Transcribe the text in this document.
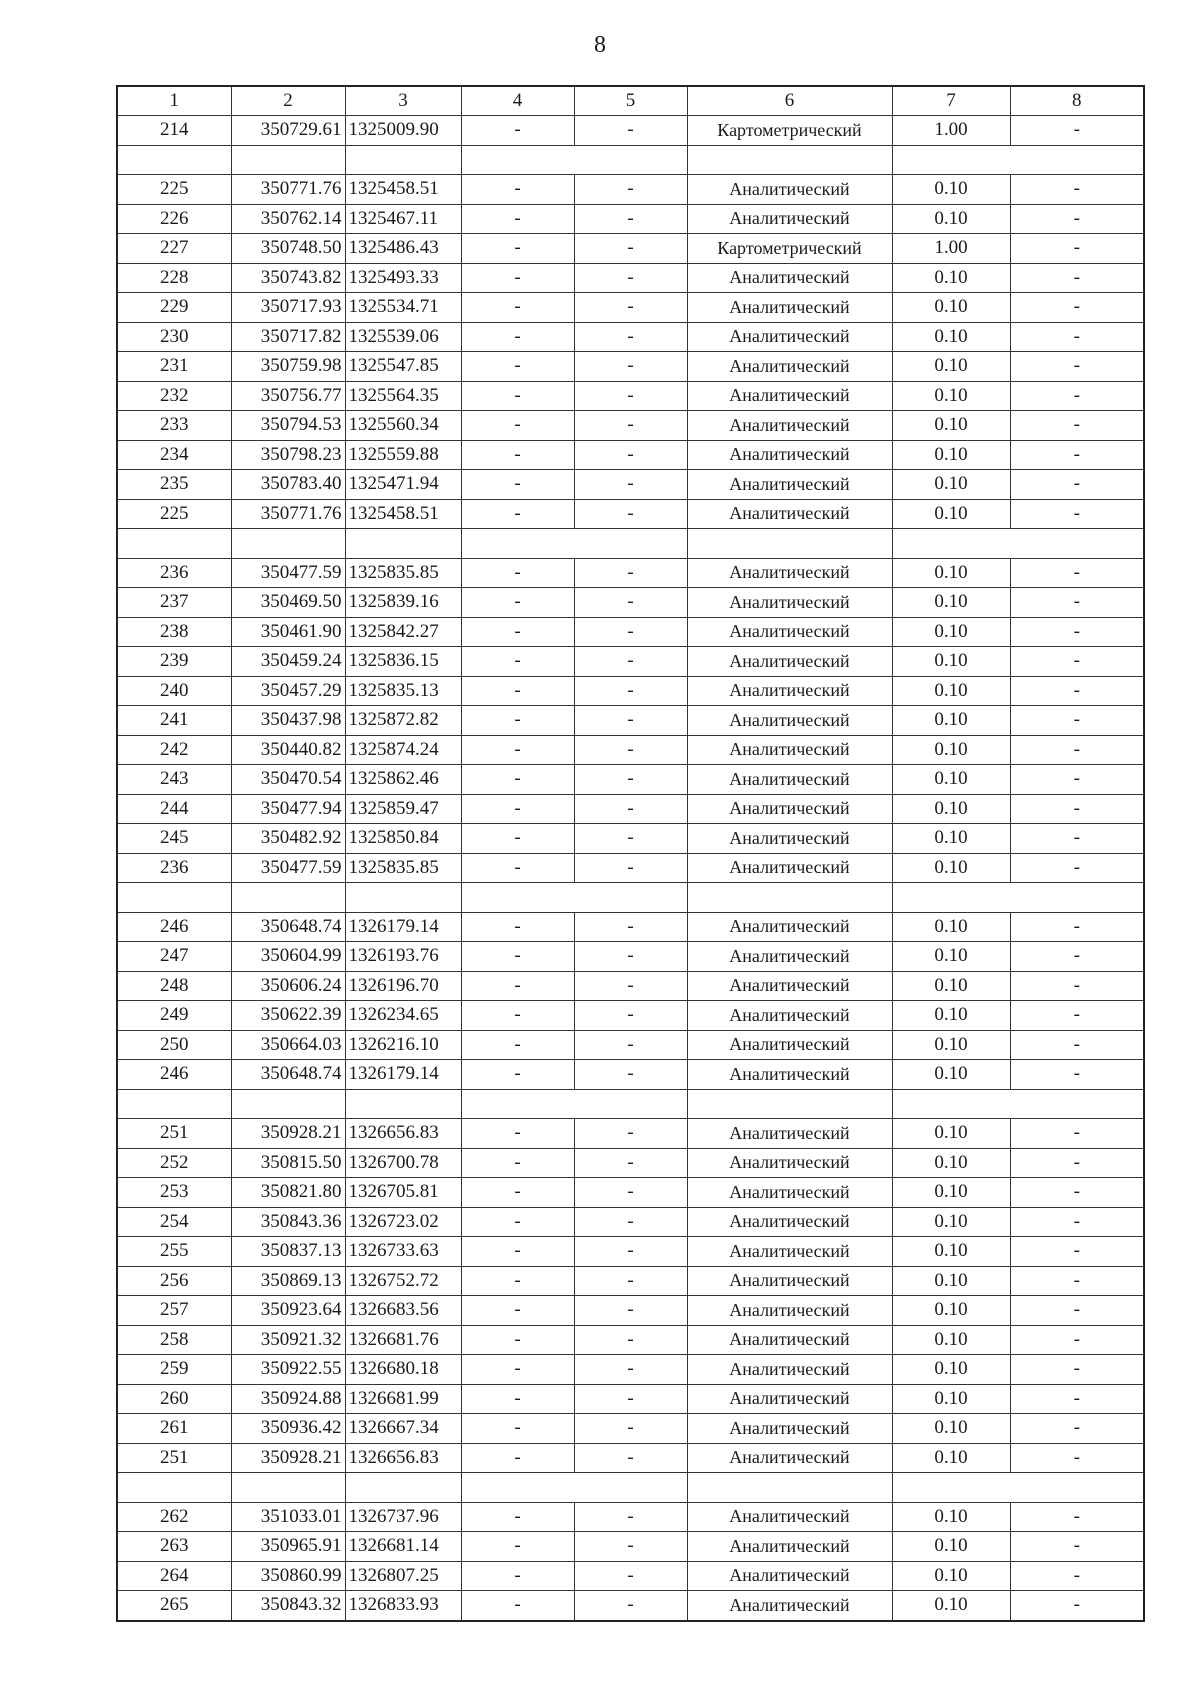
8
1	2	3	4	5	6	7	8
214	350729.61	1325009.90	-	-	Картометрический	1.00	-

225	350771.76	1325458.51	-	-	Аналитический	0.10	-
226	350762.14	1325467.11	-	-	Аналитический	0.10	-
227	350748.50	1325486.43	-	-	Картометрический	1.00	-
228	350743.82	1325493.33	-	-	Аналитический	0.10	-
229	350717.93	1325534.71	-	-	Аналитический	0.10	-
230	350717.82	1325539.06	-	-	Аналитический	0.10	-
231	350759.98	1325547.85	-	-	Аналитический	0.10	-
232	350756.77	1325564.35	-	-	Аналитический	0.10	-
233	350794.53	1325560.34	-	-	Аналитический	0.10	-
234	350798.23	1325559.88	-	-	Аналитический	0.10	-
235	350783.40	1325471.94	-	-	Аналитический	0.10	-
225	350771.76	1325458.51	-	-	Аналитический	0.10	-

236	350477.59	1325835.85	-	-	Аналитический	0.10	-
237	350469.50	1325839.16	-	-	Аналитический	0.10	-
238	350461.90	1325842.27	-	-	Аналитический	0.10	-
239	350459.24	1325836.15	-	-	Аналитический	0.10	-
240	350457.29	1325835.13	-	-	Аналитический	0.10	-
241	350437.98	1325872.82	-	-	Аналитический	0.10	-
242	350440.82	1325874.24	-	-	Аналитический	0.10	-
243	350470.54	1325862.46	-	-	Аналитический	0.10	-
244	350477.94	1325859.47	-	-	Аналитический	0.10	-
245	350482.92	1325850.84	-	-	Аналитический	0.10	-
236	350477.59	1325835.85	-	-	Аналитический	0.10	-

246	350648.74	1326179.14	-	-	Аналитический	0.10	-
247	350604.99	1326193.76	-	-	Аналитический	0.10	-
248	350606.24	1326196.70	-	-	Аналитический	0.10	-
249	350622.39	1326234.65	-	-	Аналитический	0.10	-
250	350664.03	1326216.10	-	-	Аналитический	0.10	-
246	350648.74	1326179.14	-	-	Аналитический	0.10	-

251	350928.21	1326656.83	-	-	Аналитический	0.10	-
252	350815.50	1326700.78	-	-	Аналитический	0.10	-
253	350821.80	1326705.81	-	-	Аналитический	0.10	-
254	350843.36	1326723.02	-	-	Аналитический	0.10	-
255	350837.13	1326733.63	-	-	Аналитический	0.10	-
256	350869.13	1326752.72	-	-	Аналитический	0.10	-
257	350923.64	1326683.56	-	-	Аналитический	0.10	-
258	350921.32	1326681.76	-	-	Аналитический	0.10	-
259	350922.55	1326680.18	-	-	Аналитический	0.10	-
260	350924.88	1326681.99	-	-	Аналитический	0.10	-
261	350936.42	1326667.34	-	-	Аналитический	0.10	-
251	350928.21	1326656.83	-	-	Аналитический	0.10	-

262	351033.01	1326737.96	-	-	Аналитический	0.10	-
263	350965.91	1326681.14	-	-	Аналитический	0.10	-
264	350860.99	1326807.25	-	-	Аналитический	0.10	-
265	350843.32	1326833.93	-	-	Аналитический	0.10	-
